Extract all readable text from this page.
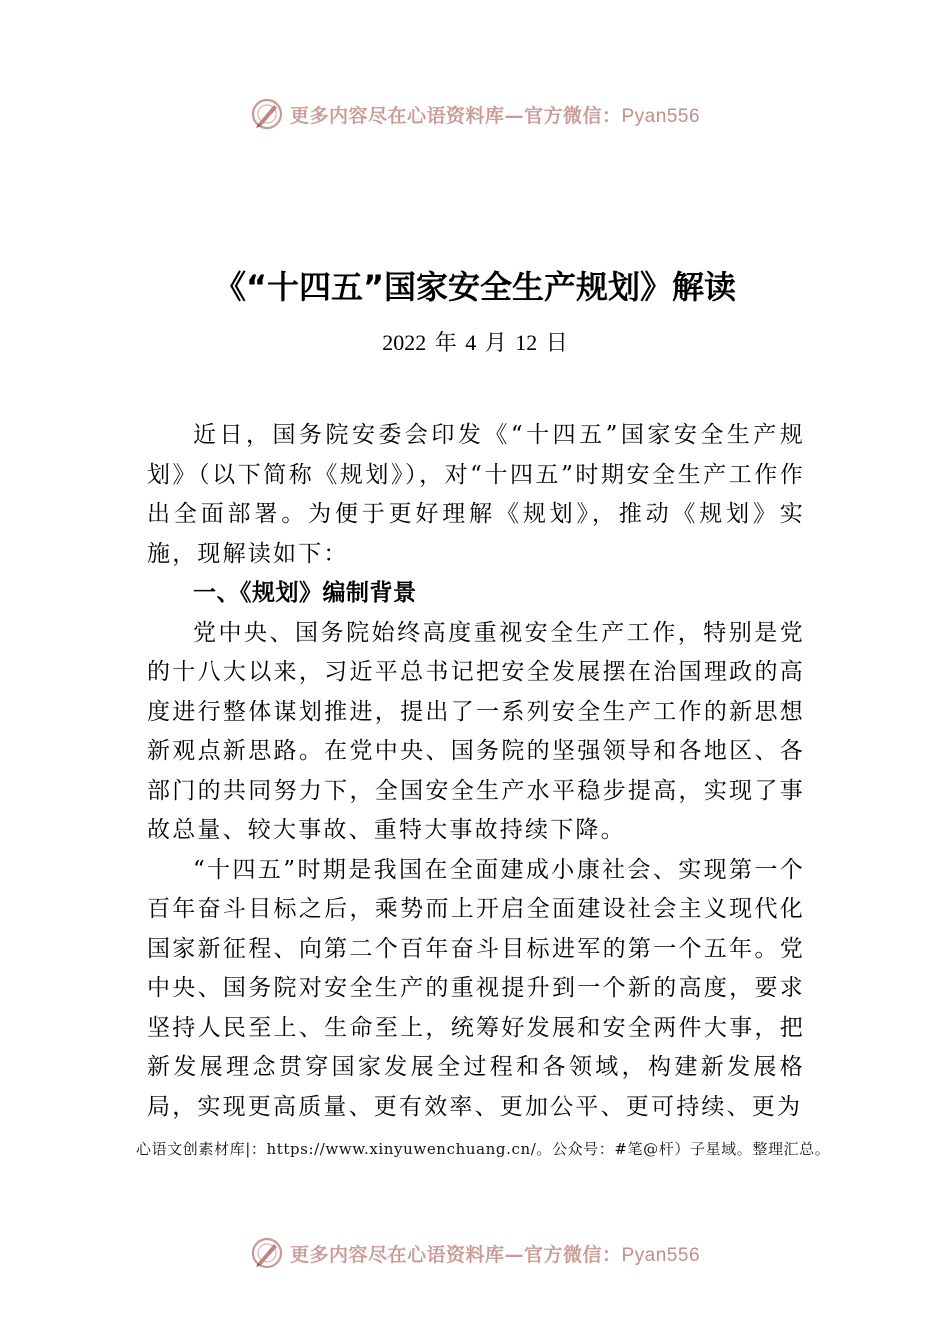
更多内容尽在心语资料库—官方微信：Pyan556
《“十四五”国家安全生产规划》解读
2022 年 4 月 12 日

近日，国务院安委会印发《“十四五”国家安全生产规划》（以下简称《规划》），对“十四五”时期安全生产工作作出全面部署。为便于更好理解《规划》，推动《规划》实施，现解读如下：

一、《规划》编制背景

党中央、国务院始终高度重视安全生产工作，特别是党的十八大以来，习近平总书记把安全发展摆在治国理政的高度进行整体谋划推进，提出了一系列安全生产工作的新思想新观点新思路。在党中央、国务院的坚强领导和各地区、各部门的共同努力下，全国安全生产水平稳步提高，实现了事故总量、较大事故、重特大事故持续下降。

“十四五”时期是我国在全面建成小康社会、实现第一个百年奋斗目标之后，乘势而上开启全面建设社会主义现代化国家新征程、向第二个百年奋斗目标进军的第一个五年。党中央、国务院对安全生产的重视提升到一个新的高度，要求坚持人民至上、生命至上，统筹好发展和安全两件大事，把新发展理念贯穿国家发展全过程和各领域，构建新发展格局，实现更高质量、更有效率、更加公平、更可持续、更为

心语文创素材库|：https://www.xinyuwenchuang.cn/。公众号：#笔@杆）子星域。整理汇总。
更多内容尽在心语资料库—官方微信：Pyan556
